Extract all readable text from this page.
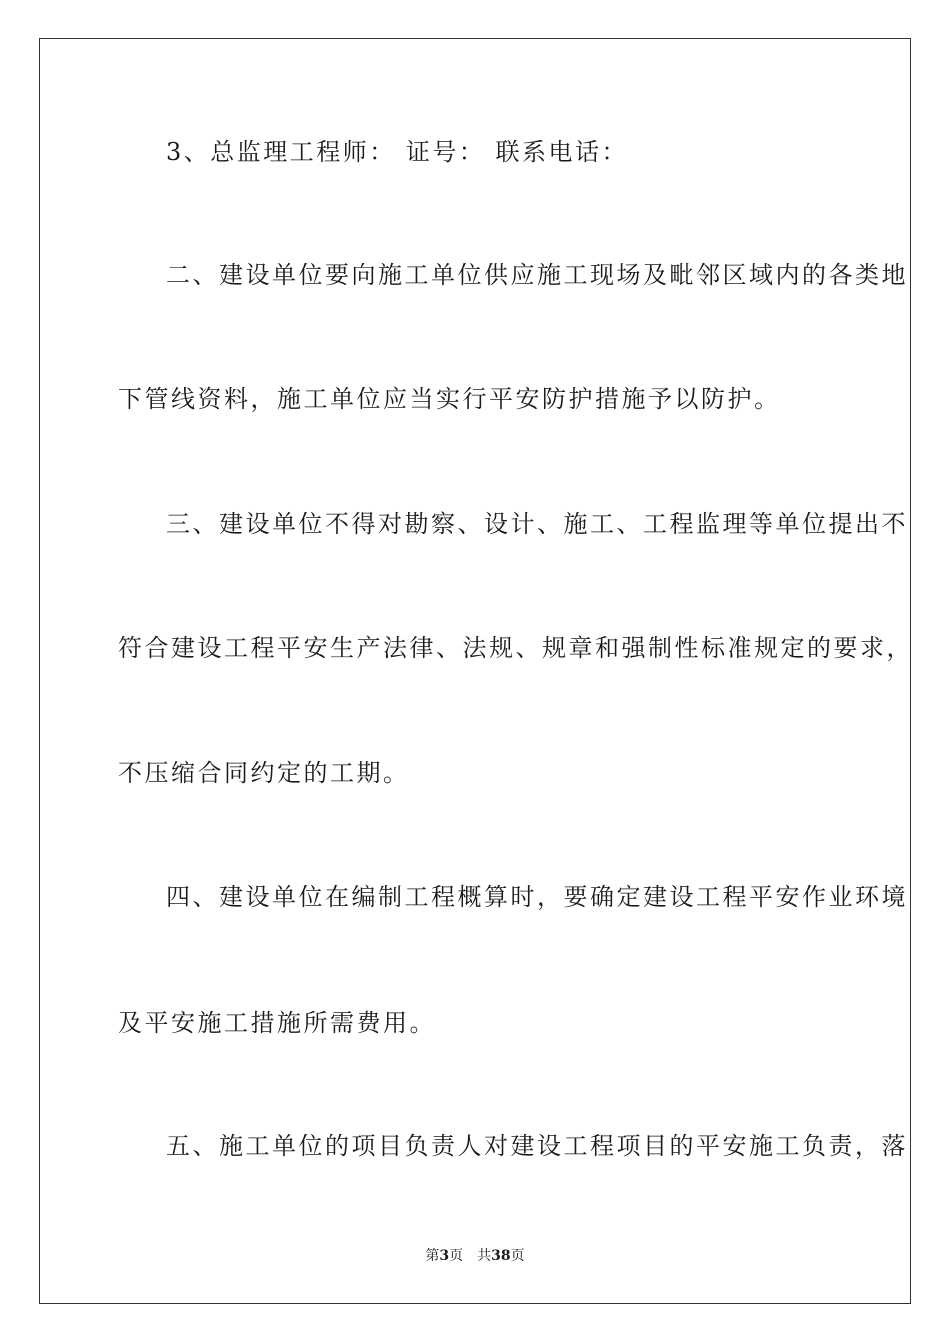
3、总监理工程师： 证号： 联系电话：
二、建设单位要向施工单位供应施工现场及毗邻区域内的各类地
下管线资料，施工单位应当实行平安防护措施予以防护。
三、建设单位不得对勘察、设计、施工、工程监理等单位提出不
符合建设工程平安生产法律、法规、规章和强制性标准规定的要求，
不压缩合同约定的工期。
四、建设单位在编制工程概算时，要确定建设工程平安作业环境
及平安施工措施所需费用。
五、施工单位的项目负责人对建设工程项目的平安施工负责，落
第3页 共38页
